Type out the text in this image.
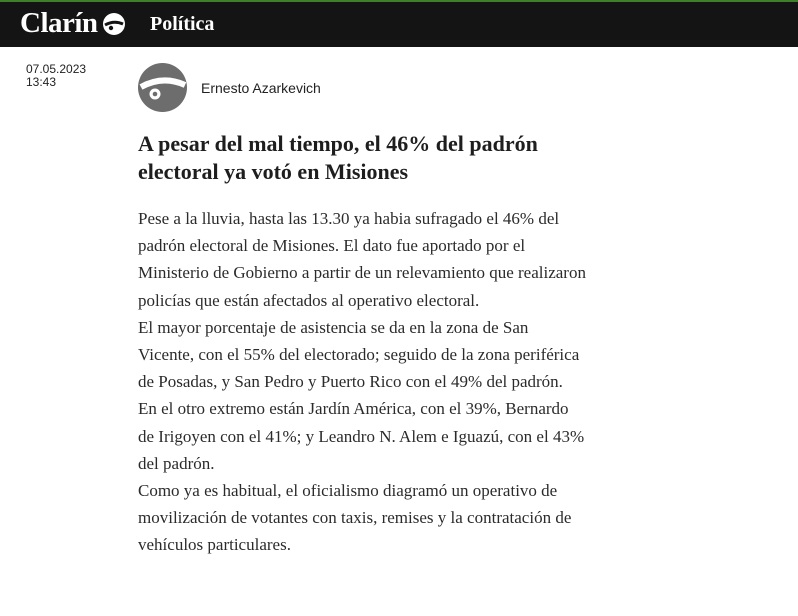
Clarín	Política
07.05.2023
13:43	Ernesto Azarkevich
A pesar del mal tiempo, el 46% del padrón electoral ya votó en Misiones

Pese a la lluvia, hasta las 13.30 ya habia sufragado el 46% del padrón electoral de Misiones. El dato fue aportado por el Ministerio de Gobierno a partir de un relevamiento que realizaron policías que están afectados al operativo electoral.

El mayor porcentaje de asistencia se da en la zona de San Vicente, con el 55% del electorado; seguido de la zona periférica de Posadas, y San Pedro y Puerto Rico con el 49% del padrón.

En el otro extremo están Jardín América, con el 39%, Bernardo de Irigoyen con el 41%; y Leandro N. Alem e Iguazú, con el 43% del padrón.

Como ya es habitual, el oficialismo diagramó un operativo de movilización de votantes con taxis, remises y la contratación de vehículos particulares.
